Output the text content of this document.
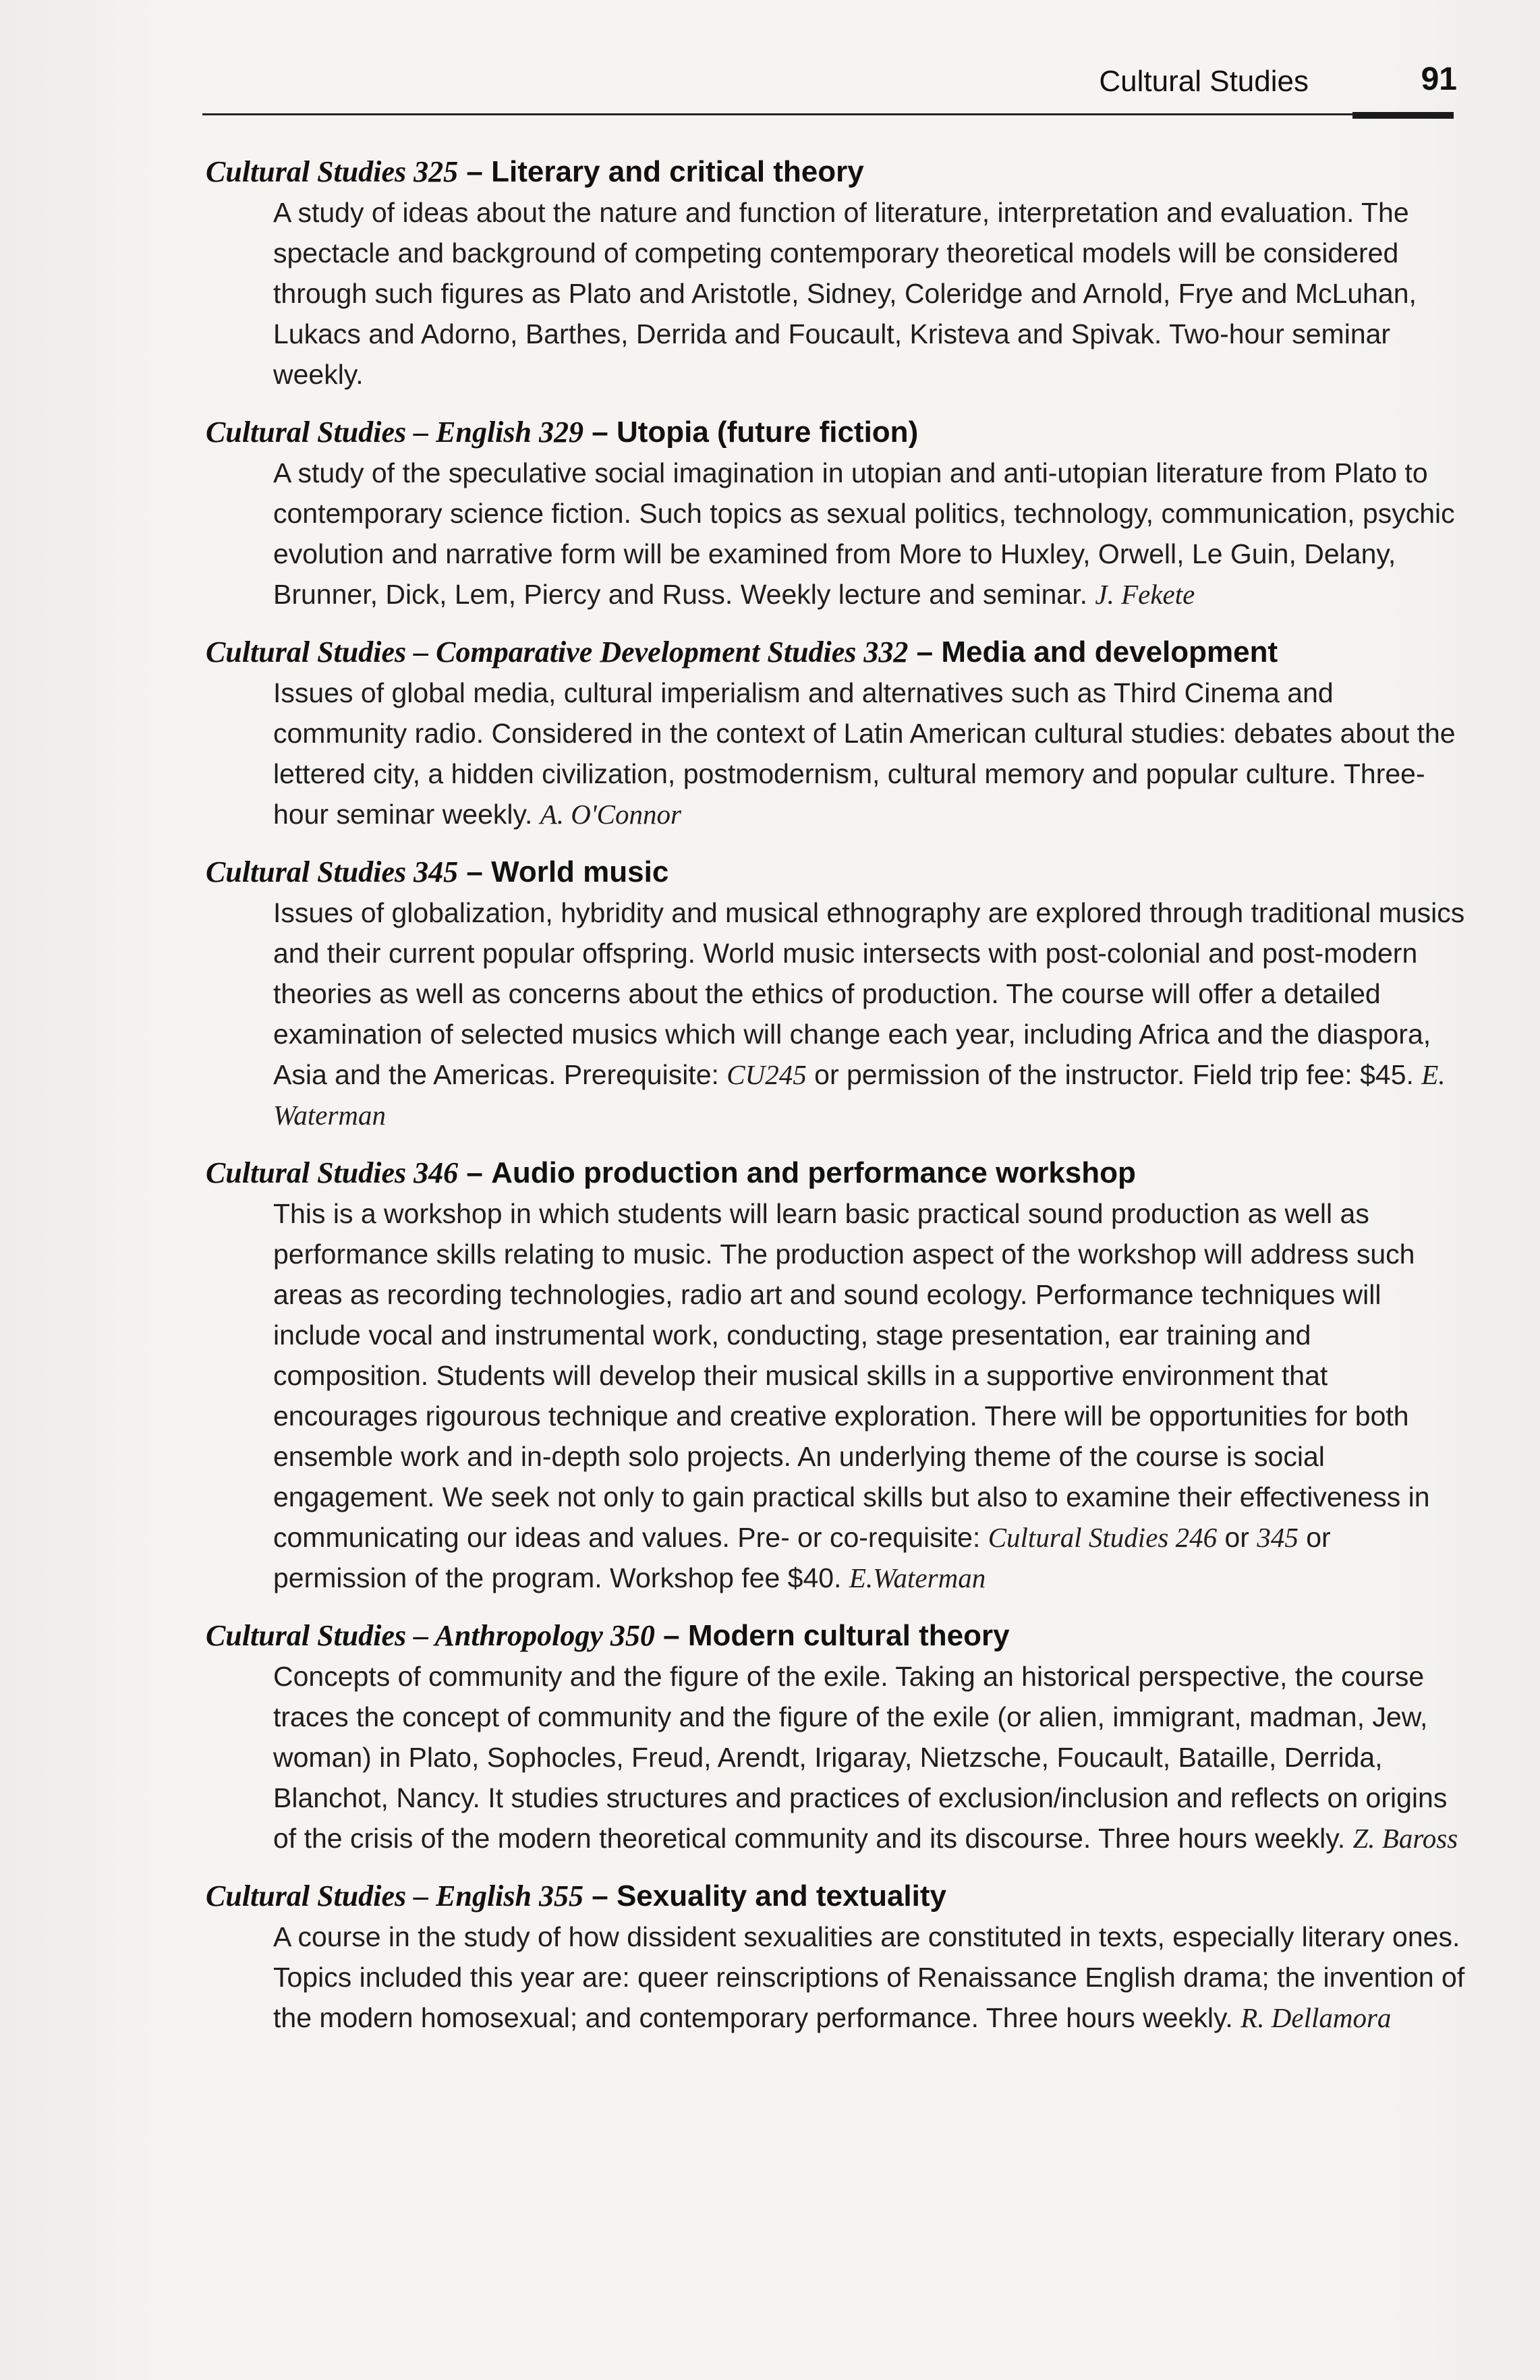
Cultural Studies	91

Cultural Studies 325 – Literary and critical theory

A study of ideas about the nature and function of literature, interpretation and evaluation. The spectacle and background of competing contemporary theoretical models will be considered through such figures as Plato and Aristotle, Sidney, Coleridge and Arnold, Frye and McLuhan, Lukacs and Adorno, Barthes, Derrida and Foucault, Kristeva and Spivak. Two-hour seminar weekly.

Cultural Studies – English 329 – Utopia (future fiction)

A study of the speculative social imagination in utopian and anti-utopian literature from Plato to contemporary science fiction. Such topics as sexual politics, technology, communication, psychic evolution and narrative form will be examined from More to Huxley, Orwell, Le Guin, Delany, Brunner, Dick, Lem, Piercy and Russ. Weekly lecture and seminar. J. Fekete

Cultural Studies – Comparative Development Studies 332 – Media and development

Issues of global media, cultural imperialism and alternatives such as Third Cinema and community radio. Considered in the context of Latin American cultural studies: debates about the lettered city, a hidden civilization, postmodernism, cultural memory and popular culture. Three-hour seminar weekly. A. O'Connor

Cultural Studies 345 – World music

Issues of globalization, hybridity and musical ethnography are explored through traditional musics and their current popular offspring. World music intersects with post-colonial and post-modern theories as well as concerns about the ethics of production. The course will offer a detailed examination of selected musics which will change each year, including Africa and the diaspora, Asia and the Americas. Prerequisite: CU245 or permission of the instructor. Field trip fee: $45. E. Waterman

Cultural Studies 346 – Audio production and performance workshop

This is a workshop in which students will learn basic practical sound production as well as performance skills relating to music. The production aspect of the workshop will address such areas as recording technologies, radio art and sound ecology. Performance techniques will include vocal and instrumental work, conducting, stage presentation, ear training and composition. Students will develop their musical skills in a supportive environment that encourages rigourous technique and creative exploration. There will be opportunities for both ensemble work and in-depth solo projects. An underlying theme of the course is social engagement. We seek not only to gain practical skills but also to examine their effectiveness in communicating our ideas and values. Pre- or co-requisite: Cultural Studies 246 or 345 or permission of the program. Workshop fee $40. E.Waterman

Cultural Studies – Anthropology 350 – Modern cultural theory

Concepts of community and the figure of the exile. Taking an historical perspective, the course traces the concept of community and the figure of the exile (or alien, immigrant, madman, Jew, woman) in Plato, Sophocles, Freud, Arendt, Irigaray, Nietzsche, Foucault, Bataille, Derrida, Blanchot, Nancy. It studies structures and practices of exclusion/inclusion and reflects on origins of the crisis of the modern theoretical community and its discourse. Three hours weekly. Z. Baross

Cultural Studies – English 355 – Sexuality and textuality

A course in the study of how dissident sexualities are constituted in texts, especially literary ones. Topics included this year are: queer reinscriptions of Renaissance English drama; the invention of the modern homosexual; and contemporary performance. Three hours weekly. R. Dellamora
